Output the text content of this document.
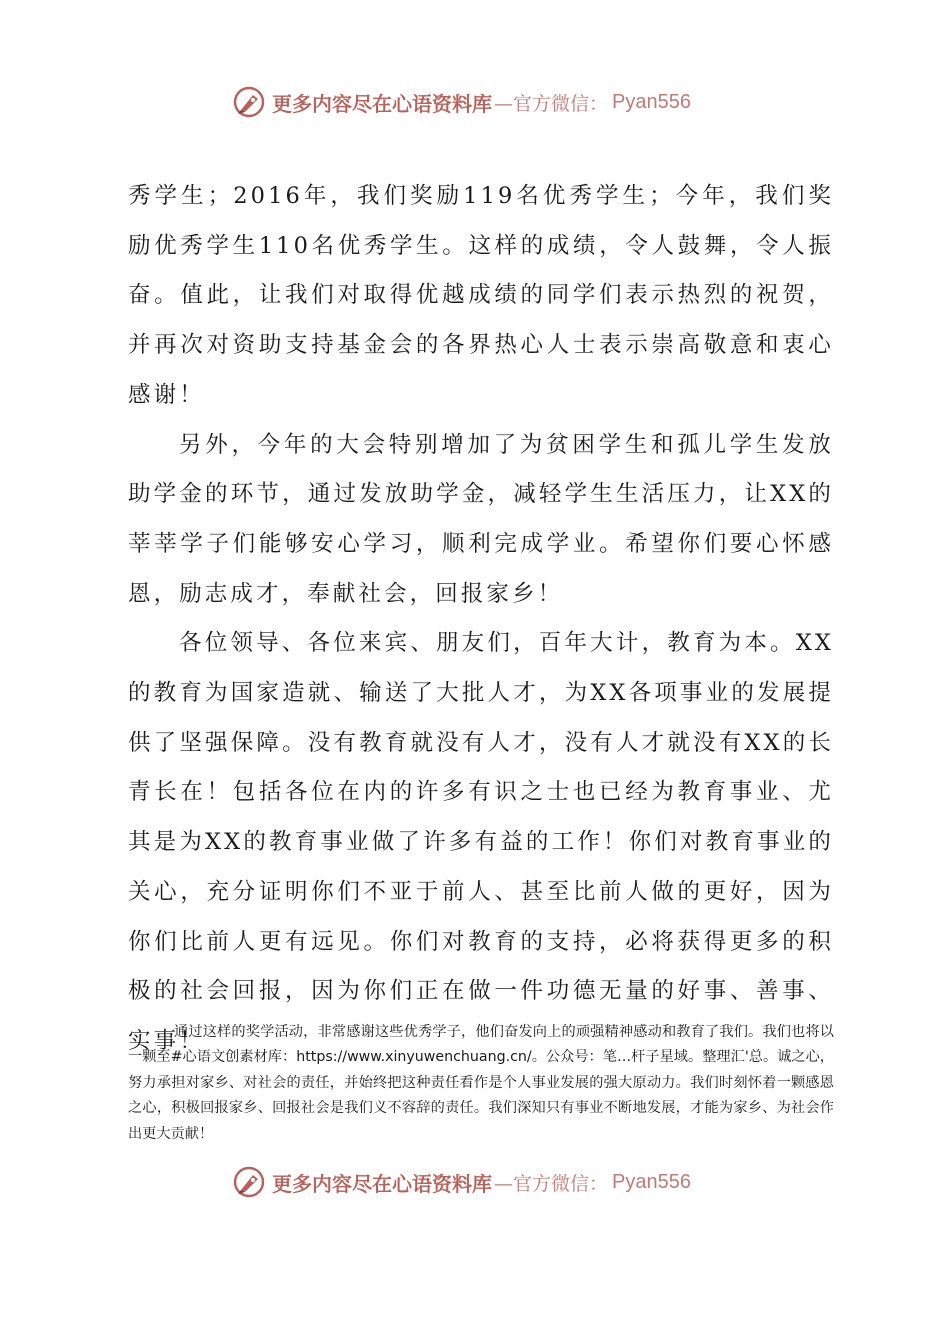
更多内容尽在心语资料库 —官方微信： Pyan556

秀学生；2016年，我们奖励119名优秀学生；今年，我们奖励优秀学生110名优秀学生。这样的成绩，令人鼓舞，令人振奋。值此，让我们对取得优越成绩的同学们表示热烈的祝贺，并再次对资助支持基金会的各界热心人士表示崇高敬意和衷心感谢！

另外，今年的大会特别增加了为贫困学生和孤儿学生发放助学金的环节，通过发放助学金，减轻学生生活压力，让XX的莘莘学子们能够安心学习，顺利完成学业。希望你们要心怀感恩，励志成才，奉献社会，回报家乡！

各位领导、各位来宾、朋友们，百年大计，教育为本。XX的教育为国家造就、输送了大批人才，为XX各项事业的发展提供了坚强保障。没有教育就没有人才，没有人才就没有XX的长青长在！包括各位在内的许多有识之士也已经为教育事业、尤其是为XX的教育事业做了许多有益的工作！你们对教育事业的关心，充分证明你们不亚于前人、甚至比前人做的更好，因为你们比前人更有远见。你们对教育的支持，必将获得更多的积极的社会回报，因为你们正在做一件功德无量的好事、善事、实事！

通过这样的奖学活动，非常感谢这些优秀学子，他们奋发向上的顽强精神感动和教育了我们。我们也将以一颗至#心语文创素材库：https://www.xinyuwenchuang.cn/。公众号：笔…杆子星域。整理汇'总。诚之心，努力承担对家乡、对社会的责任，并始终把这种责任看作是个人事业发展的强大原动力。我们时刻怀着一颗感恩之心，积极回报家乡、回报社会是我们义不容辞的责任。我们深知只有事业不断地发展，才能为家乡、为社会作出更大贡献！

更多内容尽在心语资料库 —官方微信： Pyan556
